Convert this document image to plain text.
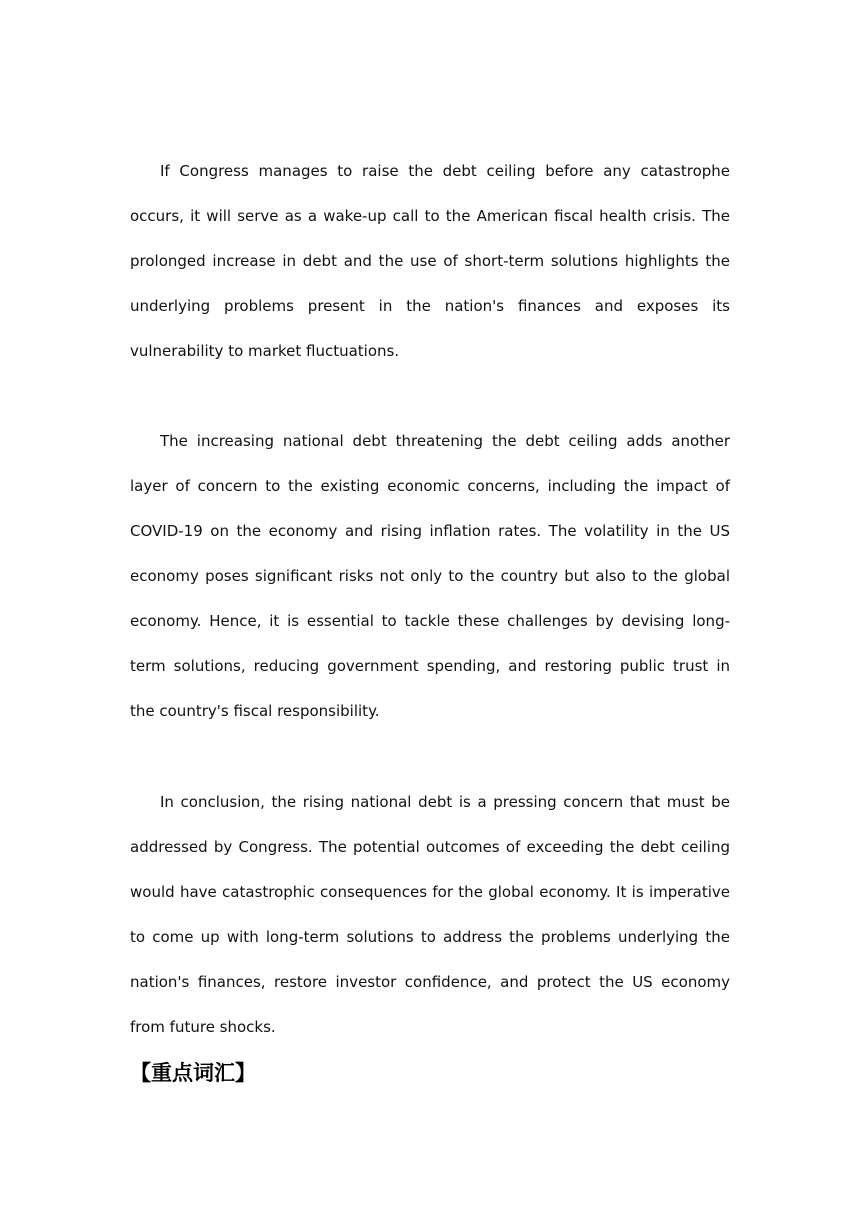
If Congress manages to raise the debt ceiling before any catastrophe occurs, it will serve as a wake-up call to the American fiscal health crisis. The prolonged increase in debt and the use of short-term solutions highlights the underlying problems present in the nation's finances and exposes its vulnerability to market fluctuations.

The increasing national debt threatening the debt ceiling adds another layer of concern to the existing economic concerns, including the impact of COVID-19 on the economy and rising inflation rates. The volatility in the US economy poses significant risks not only to the country but also to the global economy. Hence, it is essential to tackle these challenges by devising long-term solutions, reducing government spending, and restoring public trust in the country's fiscal responsibility.

In conclusion, the rising national debt is a pressing concern that must be addressed by Congress. The potential outcomes of exceeding the debt ceiling would have catastrophic consequences for the global economy. It is imperative to come up with long-term solutions to address the problems underlying the nation's finances, restore investor confidence, and protect the US economy from future shocks.

【重点词汇】
